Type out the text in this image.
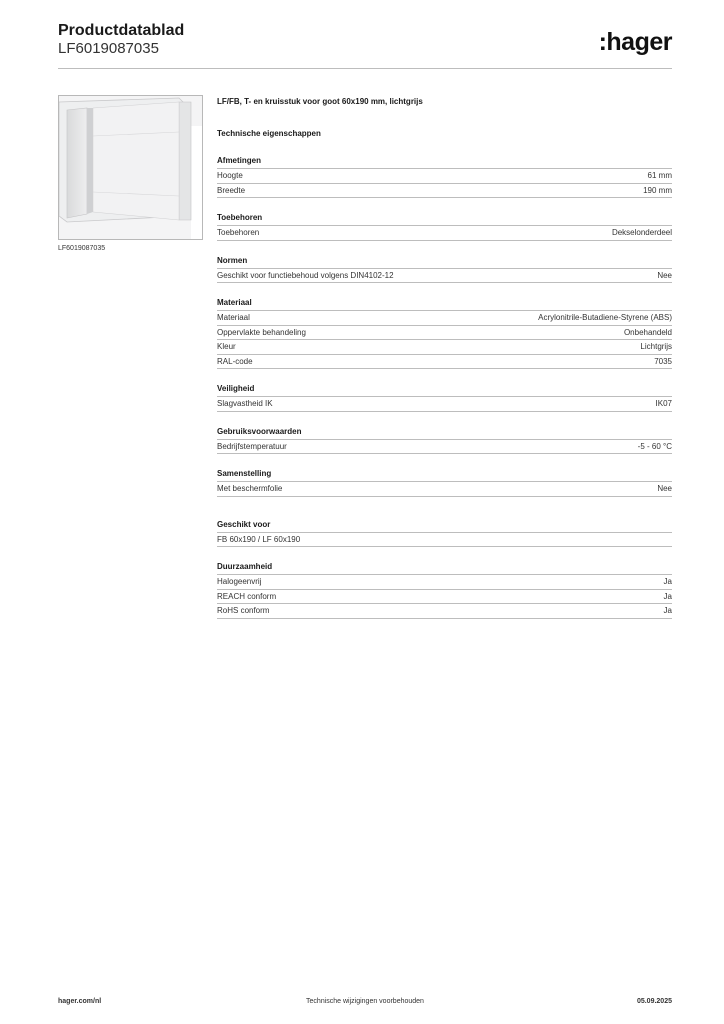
Productdatablad
LF6019087035	:hager
LF6019087035
LF/FB, T- en kruisstuk voor goot 60x190 mm, lichtgrijs
Technische eigenschappen
Afmetingen
Hoogte	61 mm
Breedte	190 mm
Toebehoren
Toebehoren	Dekselonderdeel
Normen
Geschikt voor functiebehoud volgens DIN4102-12	Nee
Materiaal
Materiaal	Acrylonitrile-Butadiene-Styrene (ABS)
Oppervlakte behandeling	Onbehandeld
Kleur	Lichtgrijs
RAL-code	7035
Veiligheid
Slagvastheid IK	IK07
Gebruiksvoorwaarden
Bedrijfstemperatuur	-5 - 60 °C
Samenstelling
Met beschermfolie	Nee
Geschikt voor
FB 60x190 / LF 60x190
Duurzaamheid
Halogeenvrij	Ja
REACH conform	Ja
RoHS conform	Ja
hager.com/nl	Technische wijzigingen voorbehouden	05.09.2025
